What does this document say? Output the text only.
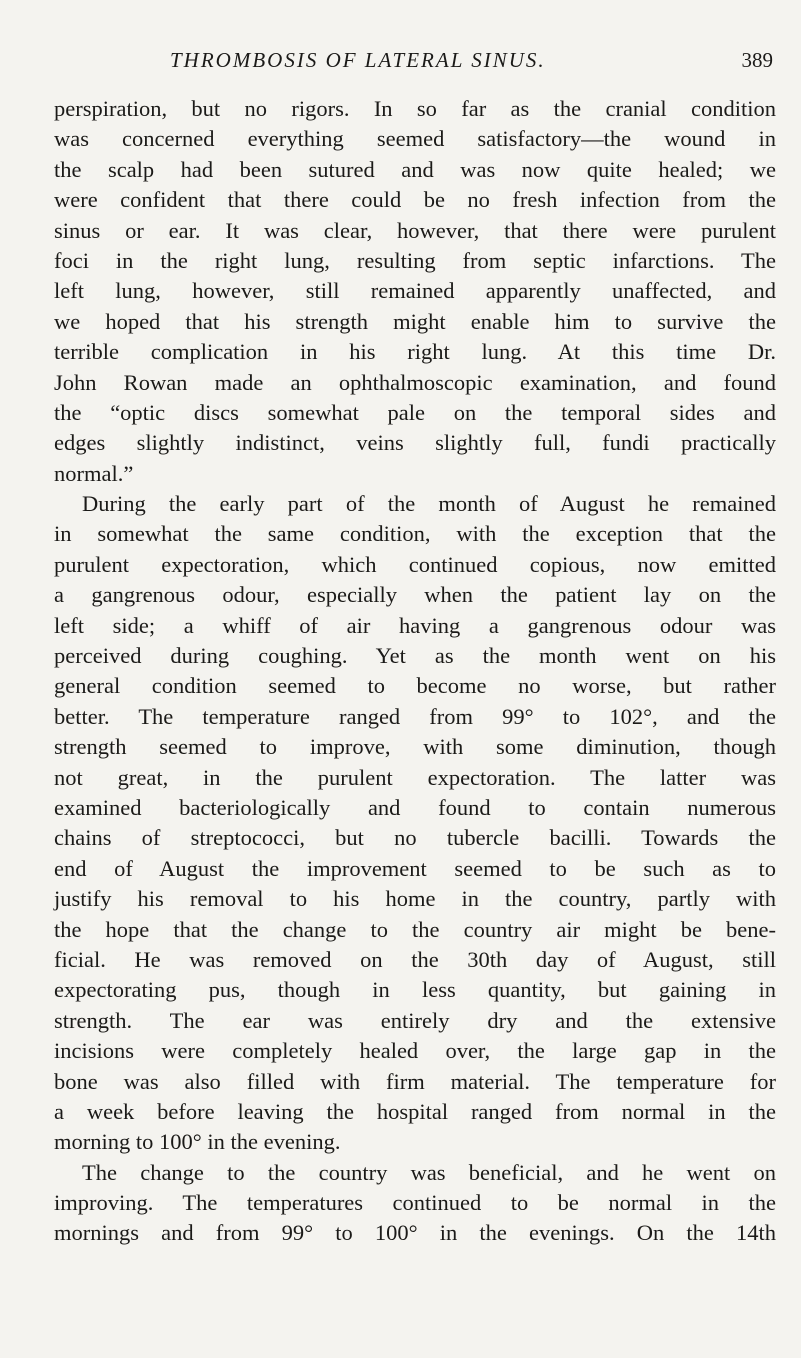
THROMBOSIS OF LATERAL SINUS.	389
perspiration, but no rigors. In so far as the cranial condition
was concerned everything seemed satisfactory—the wound in
the scalp had been sutured and was now quite healed; we
were confident that there could be no fresh infection from the
sinus or ear. It was clear, however, that there were purulent
foci in the right lung, resulting from septic infarctions. The
left lung, however, still remained apparently unaffected, and
we hoped that his strength might enable him to survive the
terrible complication in his right lung. At this time Dr.
John Rowan made an ophthalmoscopic examination, and found
the “optic discs somewhat pale on the temporal sides and
edges slightly indistinct, veins slightly full, fundi practically
normal.”
During the early part of the month of August he remained
in somewhat the same condition, with the exception that the
purulent expectoration, which continued copious, now emitted
a gangrenous odour, especially when the patient lay on the
left side; a whiff of air having a gangrenous odour was
perceived during coughing. Yet as the month went on his
general condition seemed to become no worse, but rather
better. The temperature ranged from 99° to 102°, and the
strength seemed to improve, with some diminution, though
not great, in the purulent expectoration. The latter was
examined bacteriologically and found to contain numerous
chains of streptococci, but no tubercle bacilli. Towards the
end of August the improvement seemed to be such as to
justify his removal to his home in the country, partly with
the hope that the change to the country air might be bene-
ficial. He was removed on the 30th day of August, still
expectorating pus, though in less quantity, but gaining in
strength. The ear was entirely dry and the extensive
incisions were completely healed over, the large gap in the
bone was also filled with firm material. The temperature for
a week before leaving the hospital ranged from normal in the
morning to 100° in the evening.
The change to the country was beneficial, and he went on
improving. The temperatures continued to be normal in the
mornings and from 99° to 100° in the evenings. On the 14th
